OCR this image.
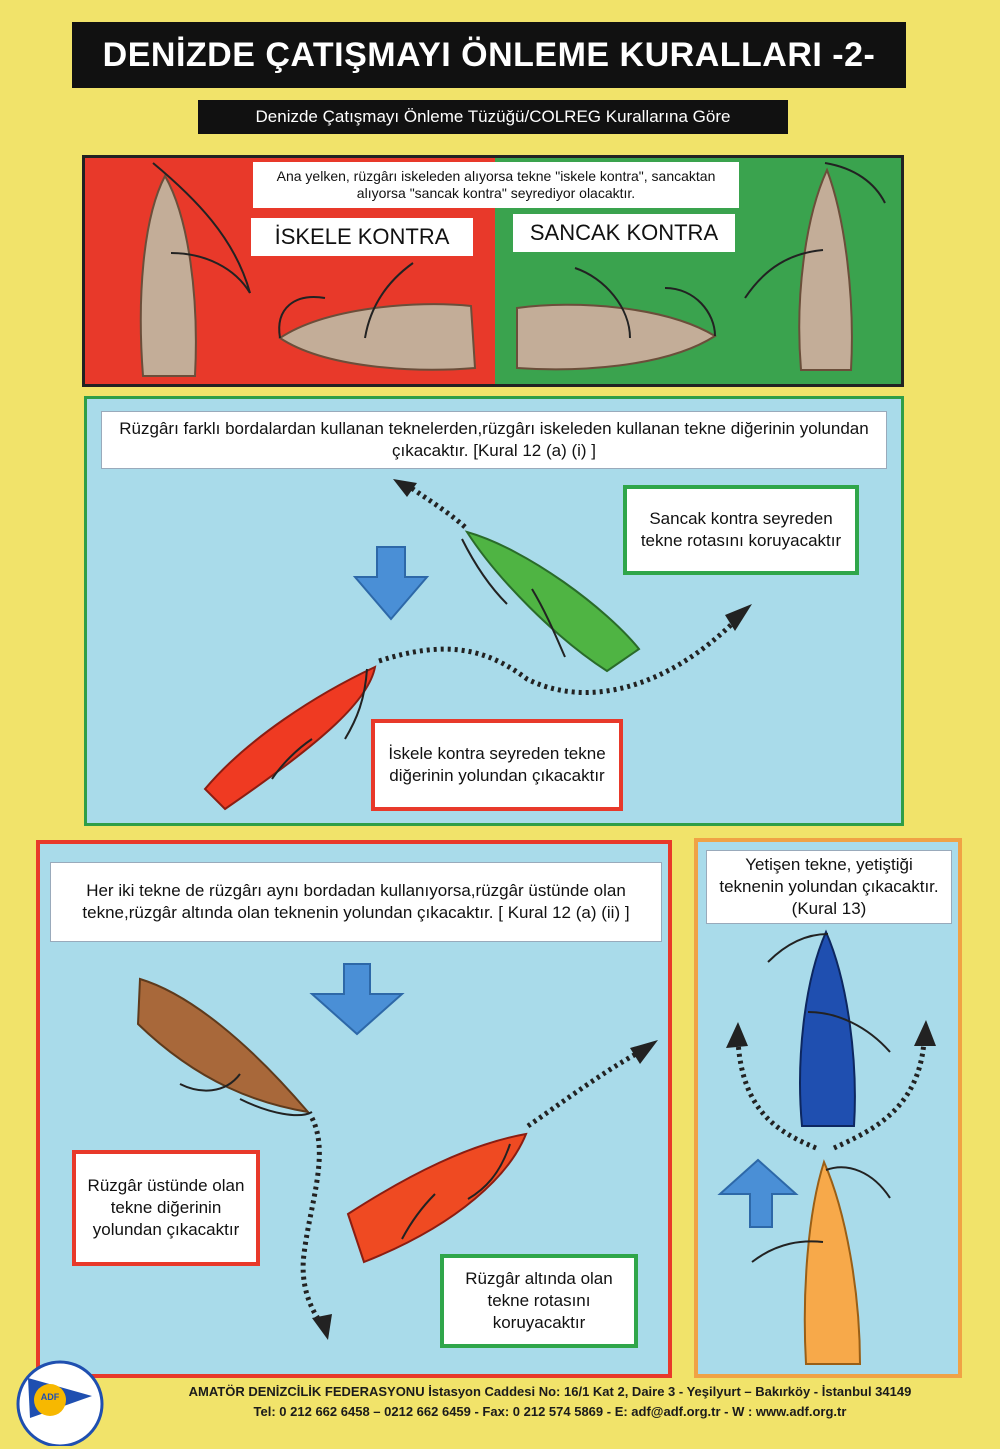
DENİZDE ÇATIŞMAYI ÖNLEME KURALLARI -2-
Denizde Çatışmayı Önleme Tüzüğü/COLREG Kurallarına Göre
Ana yelken, rüzgârı iskeleden alıyorsa tekne "iskele kontra", sancaktan alıyorsa "sancak kontra" seyrediyor olacaktır.
İSKELE KONTRA	SANCAK KONTRA
Rüzgârı farklı bordalardan kullanan teknelerden,rüzgârı iskeleden kullanan tekne diğerinin yolundan çıkacaktır. [Kural 12 (a) (i) ]
Sancak kontra seyreden tekne rotasını koruyacaktır
İskele kontra seyreden tekne diğerinin yolundan çıkacaktır
Her iki tekne de rüzgârı aynı bordadan kullanıyorsa,rüzgâr üstünde olan tekne,rüzgâr altında olan teknenin yolundan çıkacaktır. [ Kural 12 (a) (ii) ]
Rüzgâr üstünde olan tekne diğerinin yolundan çıkacaktır
Rüzgâr altında olan tekne rotasını koruyacaktır
Yetişen tekne, yetiştiği teknenin yolundan çıkacaktır. (Kural 13)
ADF	AMATÖR DENİZCİLİK FEDERASYONU İstasyon Caddesi No: 16/1 Kat 2, Daire 3 - Yeşilyurt – Bakırköy - İstanbul 34149
Tel: 0 212 662 6458 – 0212 662 6459 - Fax: 0 212 574 5869 - E: adf@adf.org.tr - W : www.adf.org.tr
